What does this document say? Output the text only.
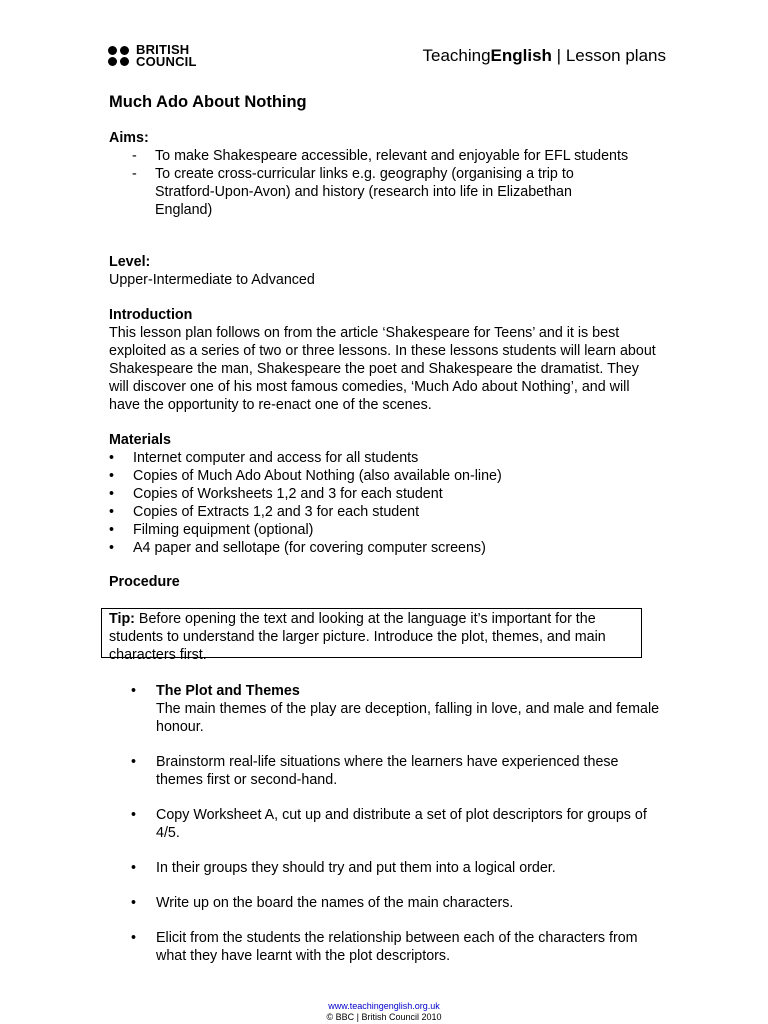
BRITISH
COUNCIL	TeachingEnglish | Lesson plans
Much Ado About Nothing
Aims:
- To make Shakespeare accessible, relevant and enjoyable for EFL students
- To create cross-curricular links e.g. geography (organising a trip to Stratford-Upon-Avon) and history (research into life in Elizabethan England)
Level:
Upper-Intermediate to Advanced
Introduction
This lesson plan follows on from the article ‘Shakespeare for Teens’ and it is best exploited as a series of two or three lessons. In these lessons students will learn about Shakespeare the man, Shakespeare the poet and Shakespeare the dramatist. They will discover one of his most famous comedies, ‘Much Ado about Nothing’, and will have the opportunity to re-enact one of the scenes.
Materials
• Internet computer and access for all students
• Copies of Much Ado About Nothing (also available on-line)
• Copies of Worksheets 1,2 and 3 for each student
• Copies of Extracts 1,2 and 3 for each student
• Filming equipment (optional)
• A4 paper and sellotape (for covering computer screens)
Procedure
Tip: Before opening the text and looking at the language it’s important for the students to understand the larger picture. Introduce the plot, themes, and main characters first.
• The Plot and Themes
The main themes of the play are deception, falling in love, and male and female honour.
• Brainstorm real-life situations where the learners have experienced these themes first or second-hand.
• Copy Worksheet A, cut up and distribute a set of plot descriptors for groups of 4/5.
• In their groups they should try and put them into a logical order.
• Write up on the board the names of the main characters.
• Elicit from the students the relationship between each of the characters from what they have learnt with the plot descriptors.
www.teachingenglish.org.uk
© BBC | British Council 2010
